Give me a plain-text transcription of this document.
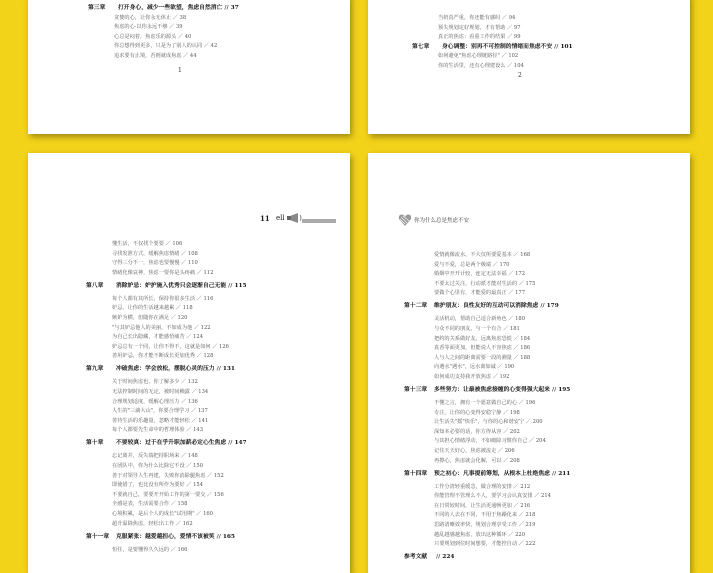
第三章 打开身心，减少一些欲望，焦虑自然消亡 // 37
贪婪的心，让你永无休止 ／ 38
焦虑的心·以你永远不够 ／ 39
心总是闷着，焦虑乐的源头 ／ 40
你总想得到更多，只是为了别人的认同 ／ 42
追求要有止境，否则就成焦虑 ／ 44
1
当奶真严重，你还能有感吗 ／ 94
预失规划定好规划，才有帮助 ／ 97
真正的焦虑：看重工作的结果 ／ 99
第七章 身心调整：别再不可控制的情绪而焦虑不安 // 101
如何避免"焦虑心理链路径" ／ 102
你的生活里，还有心理建设么 ／ 104
2
11 ell
懂生活，不仅找个要要 ／ 106
寻找发泄方式，缓解焦虑情绪 ／ 108
守得三分不一，焦虑也要慢慢 ／ 110
情绪化像哀神，焦虑一要你是头疼痛 ／ 112
第八章 消除妒忌：妒护施入优秀只会逐渐自己无能 // 115
每个人都有其所长，保持你很多生活 ／ 116
妒忌，让你的生活越来越累 ／ 118
嫉妒为横，但随你在满足 ／ 120
"与其妒忌他人的美丽，不如成为他 ／ 122
为自己长出隐藏，才能感悟痛苦 ／ 124
妒忌总有一个同，让你不得不，这就是如何 ／ 126
善用妒忌，你才能不断成长更加优秀 ／ 128
第九章 冲破焦虑：学会放松，摆脱心灵的压力 // 131
关于时间焦虑也，你了解多少 ／ 132
无法控制时间的无定，被时间赖露 ／ 134
合理规划适度，缓解心理压力 ／ 136
人生的"三滴大山"，你要合理学习 ／ 137
善待生活的乐趣量，忽略才能轻松 ／ 141
每个人都要先生命中的哲理体验 ／ 143
第十章 不要较真：过于在乎升职加薪必定心生焦虑 // 147
忘记离并，反失端把持职场来 ／ 148
在团队中，你为什么比除它不没 ／ 150
善于对领导人生再建，失败你消除腿焦虑 ／ 152
即使错了，也比没有所作为要好 ／ 154
不要就自己，要要开开始工作的第一要交 ／ 156
全感是表，生活需要合作 ／ 158
心境积累，是后个人的成长"试用期" ／ 160
超升温降焦虑，轻松出工作 ／ 162
第十一章 克服紧张：越爱越担心，爱情不该被笑 // 165
恒任，是要懂得久久远的 ／ 166
你为什么总是焦虑不安
爱情就像流水，不大仅所要爱基本 ／ 168
爱与不爱，总是两个极端 ／ 170
婚姻中开开计较，连定无法幸福 ／ 172
不要太过关注，行动派才能对生活的 ／ 175
要做个心里有，才能爱的最真正 ／ 177
第十二章 维护朋友：良性友好的互动可以消除焦虑 // 179
灵活机动，帮助自己适合新角色 ／ 180
与众不同的朋友，与一个有合 ／ 181
把约的关系做好友，远离焦虑恐慌 ／ 184
真香等面更加，但能说人不容焦虑 ／ 186
人与人之间的距离需要一段的测量 ／ 188
向遇水"遇水"，远水离如诚 ／ 190
如何成功支持我开放焦虑 ／ 192
第十三章 多些努力：让最被焦虑接缠的心变得强大起来 // 195
不懂之言，拥有一个愿意做自己的心 ／ 196
专注，让你的心变得安稳宁静 ／ 198
让生活失"摇"快乐"，与你的心和谐安宁 ／ 200
深知本必要的话，你方得从容 ／ 202
与其担心情绪浮动，不如破除习惯你自己 ／ 204
记住天天好心，焦虑被流走 ／ 206
再擦心，焦虑就会化解，可以 ／ 208
第十四章 预之初心：凡事提前筹划，从根本上杜绝焦虑 // 211
工作分清轻重缓急，做合理的安排 ／ 212
你能管理不管理么不人，要学习会认真安排 ／ 214
在日常较时间，让生活更通畅更加 ／ 216
不同的人去在不同，不用于焦躁化来 ／ 218
思路清晰效率快，规划合理享受工作 ／ 219
越乱越感越焦虑，放出这种循环 ／ 220
只要规划到位时间想要，才能控自动 ／ 222
参考文献 // 224
